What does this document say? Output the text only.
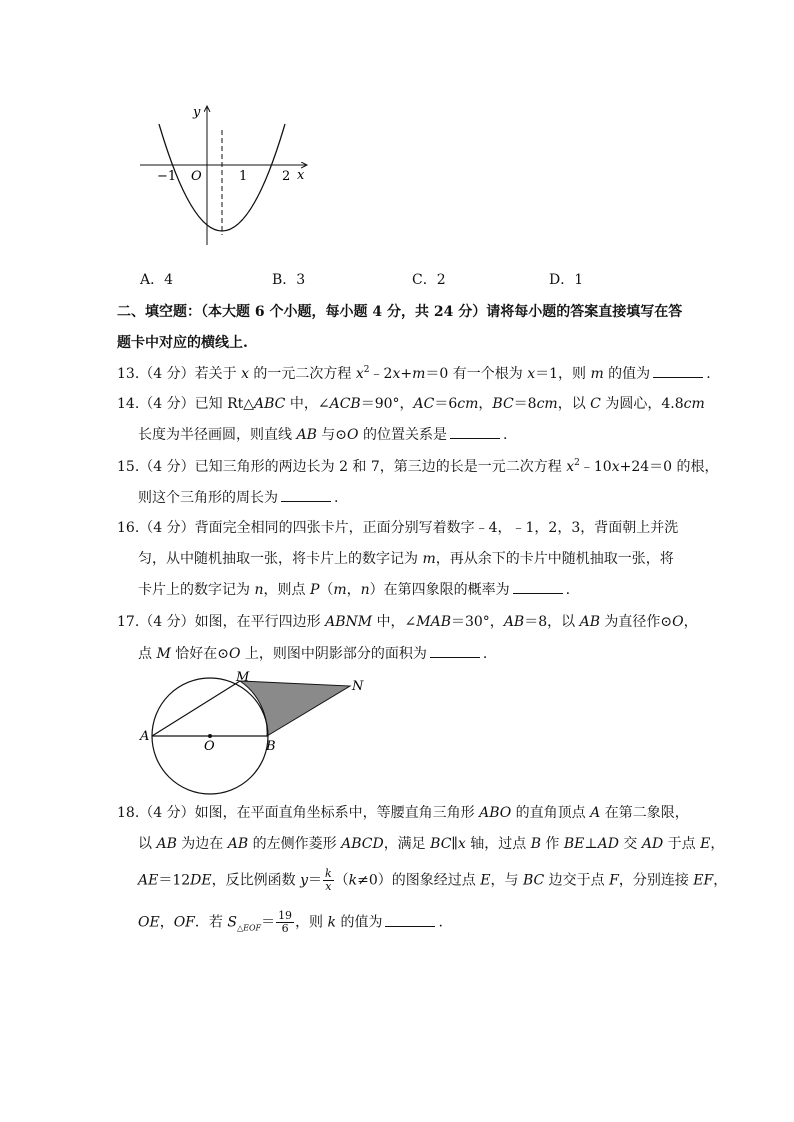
y
x
O
−1	1	2
A．4	B．3	C．2	D．1
二、填空题：（本大题 6 个小题，每小题 4 分，共 24 分）请将每小题的答案直接填写在答
题卡中对应的横线上.
13.（4 分）若关于 x 的一元二次方程 $x^2﹣2x+m=0$ 有一个根为 x＝1，则 m 的值为	.
14.（4 分）已知 Rt△ABC 中，∠ACB＝90°，AC＝6cm，BC＝8cm，以 C 为圆心，4.8cm
长度为半径画圆，则直线 AB 与⊙O 的位置关系是	.
15.（4 分）已知三角形的两边长为 2 和 7，第三边的长是一元二次方程 $x^2﹣10x+24=0$ 的根，
则这个三角形的周长为	.
16.（4 分）背面完全相同的四张卡片，正面分别写着数字﹣4，﹣1，2，3，背面朝上并洗
匀，从中随机抽取一张，将卡片上的数字记为 m，再从余下的卡片中随机抽取一张，将
卡片上的数字记为 n，则点 P（m，n）在第四象限的概率为	.
17.（4 分）如图，在平行四边形 ABNM 中，∠MAB＝30°，AB＝8，以 AB 为直径作⊙O，
点 M 恰好在⊙O 上，则图中阴影部分的面积为	.
M
N
A
O	B
18.（4 分）如图，在平面直角坐标系中，等腰直角三角形 ABO 的直角顶点 A 在第二象限，
以 AB 为边在 AB 的左侧作菱形 ABCD，满足 BC∥x 轴，过点 B 作 BE⊥AD 交 AD 于点 E，
AE＝12DE，反比例函数 $y= \frac{k}{x} (k\ne 0)$的图象经过点 E，与 BC 边交于点 F，分别连接 EF，
OE，OF．若 $S_{\triangle EOF}= \frac{19}{6}$ ，则 k 的值为	.
